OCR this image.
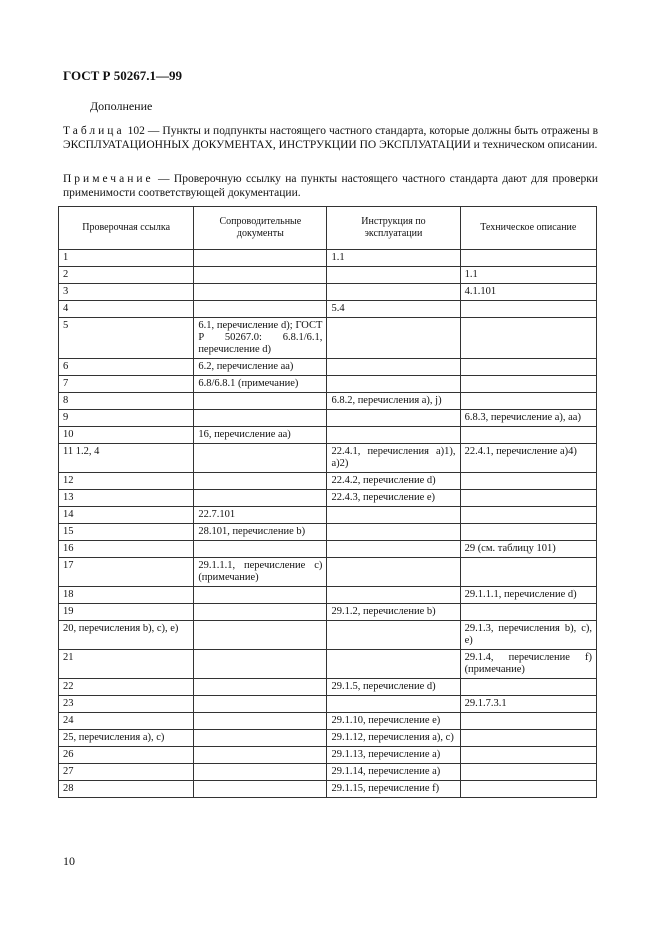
ГОСТ Р 50267.1—99
Дополнение
Таблица 102 — Пункты и подпункты настоящего частного стандарта, которые должны быть отражены в ЭКСПЛУАТАЦИОННЫХ ДОКУМЕНТАХ, ИНСТРУКЦИИ ПО ЭКСПЛУАТАЦИИ и техническом описании.
Примечание — Проверочную ссылку на пункты настоящего частного стандарта дают для проверки применимости соответствующей документации.
Проверочная ссылка	Сопроводительные документы	Инструкция по эксплуатации	Техническое описание
1		1.1	
2			1.1
3			4.1.101
4		5.4	
5	6.1, перечисление d); ГОСТ Р 50267.0: 6.8.1/6.1, перечисление d)		
6	6.2, перечисление аа)		
7	6.8/6.8.1 (примечание)		
8		6.8.2, перечисления а), j)	
9			6.8.3, перечисление а), аа)
10	16, перечисление аа)		
11 1.2, 4		22.4.1, перечисления а)1), а)2)	22.4.1, перечисление а)4)
12		22.4.2, перечисление d)	
13		22.4.3, перечисление е)	
14	22.7.101		
15	28.101, перечисление b)		
16			29 (см. таблицу 101)
17	29.1.1.1, перечисление с) (примечание)		
18			29.1.1.1, перечисление d)
19		29.1.2, перечисление b)	
20, перечисления b), с), е)			29.1.3, перечисления b), с), е)
21			29.1.4, перечисление f) (примечание)
22		29.1.5, перечисление d)	
23			29.1.7.3.1
24		29.1.10, перечисление е)	
25, перечисления а), с)		29.1.12, перечисления а), с)	
26		29.1.13, перечисление а)	
27		29.1.14, перечисление а)	
28		29.1.15, перечисление f)	
10
